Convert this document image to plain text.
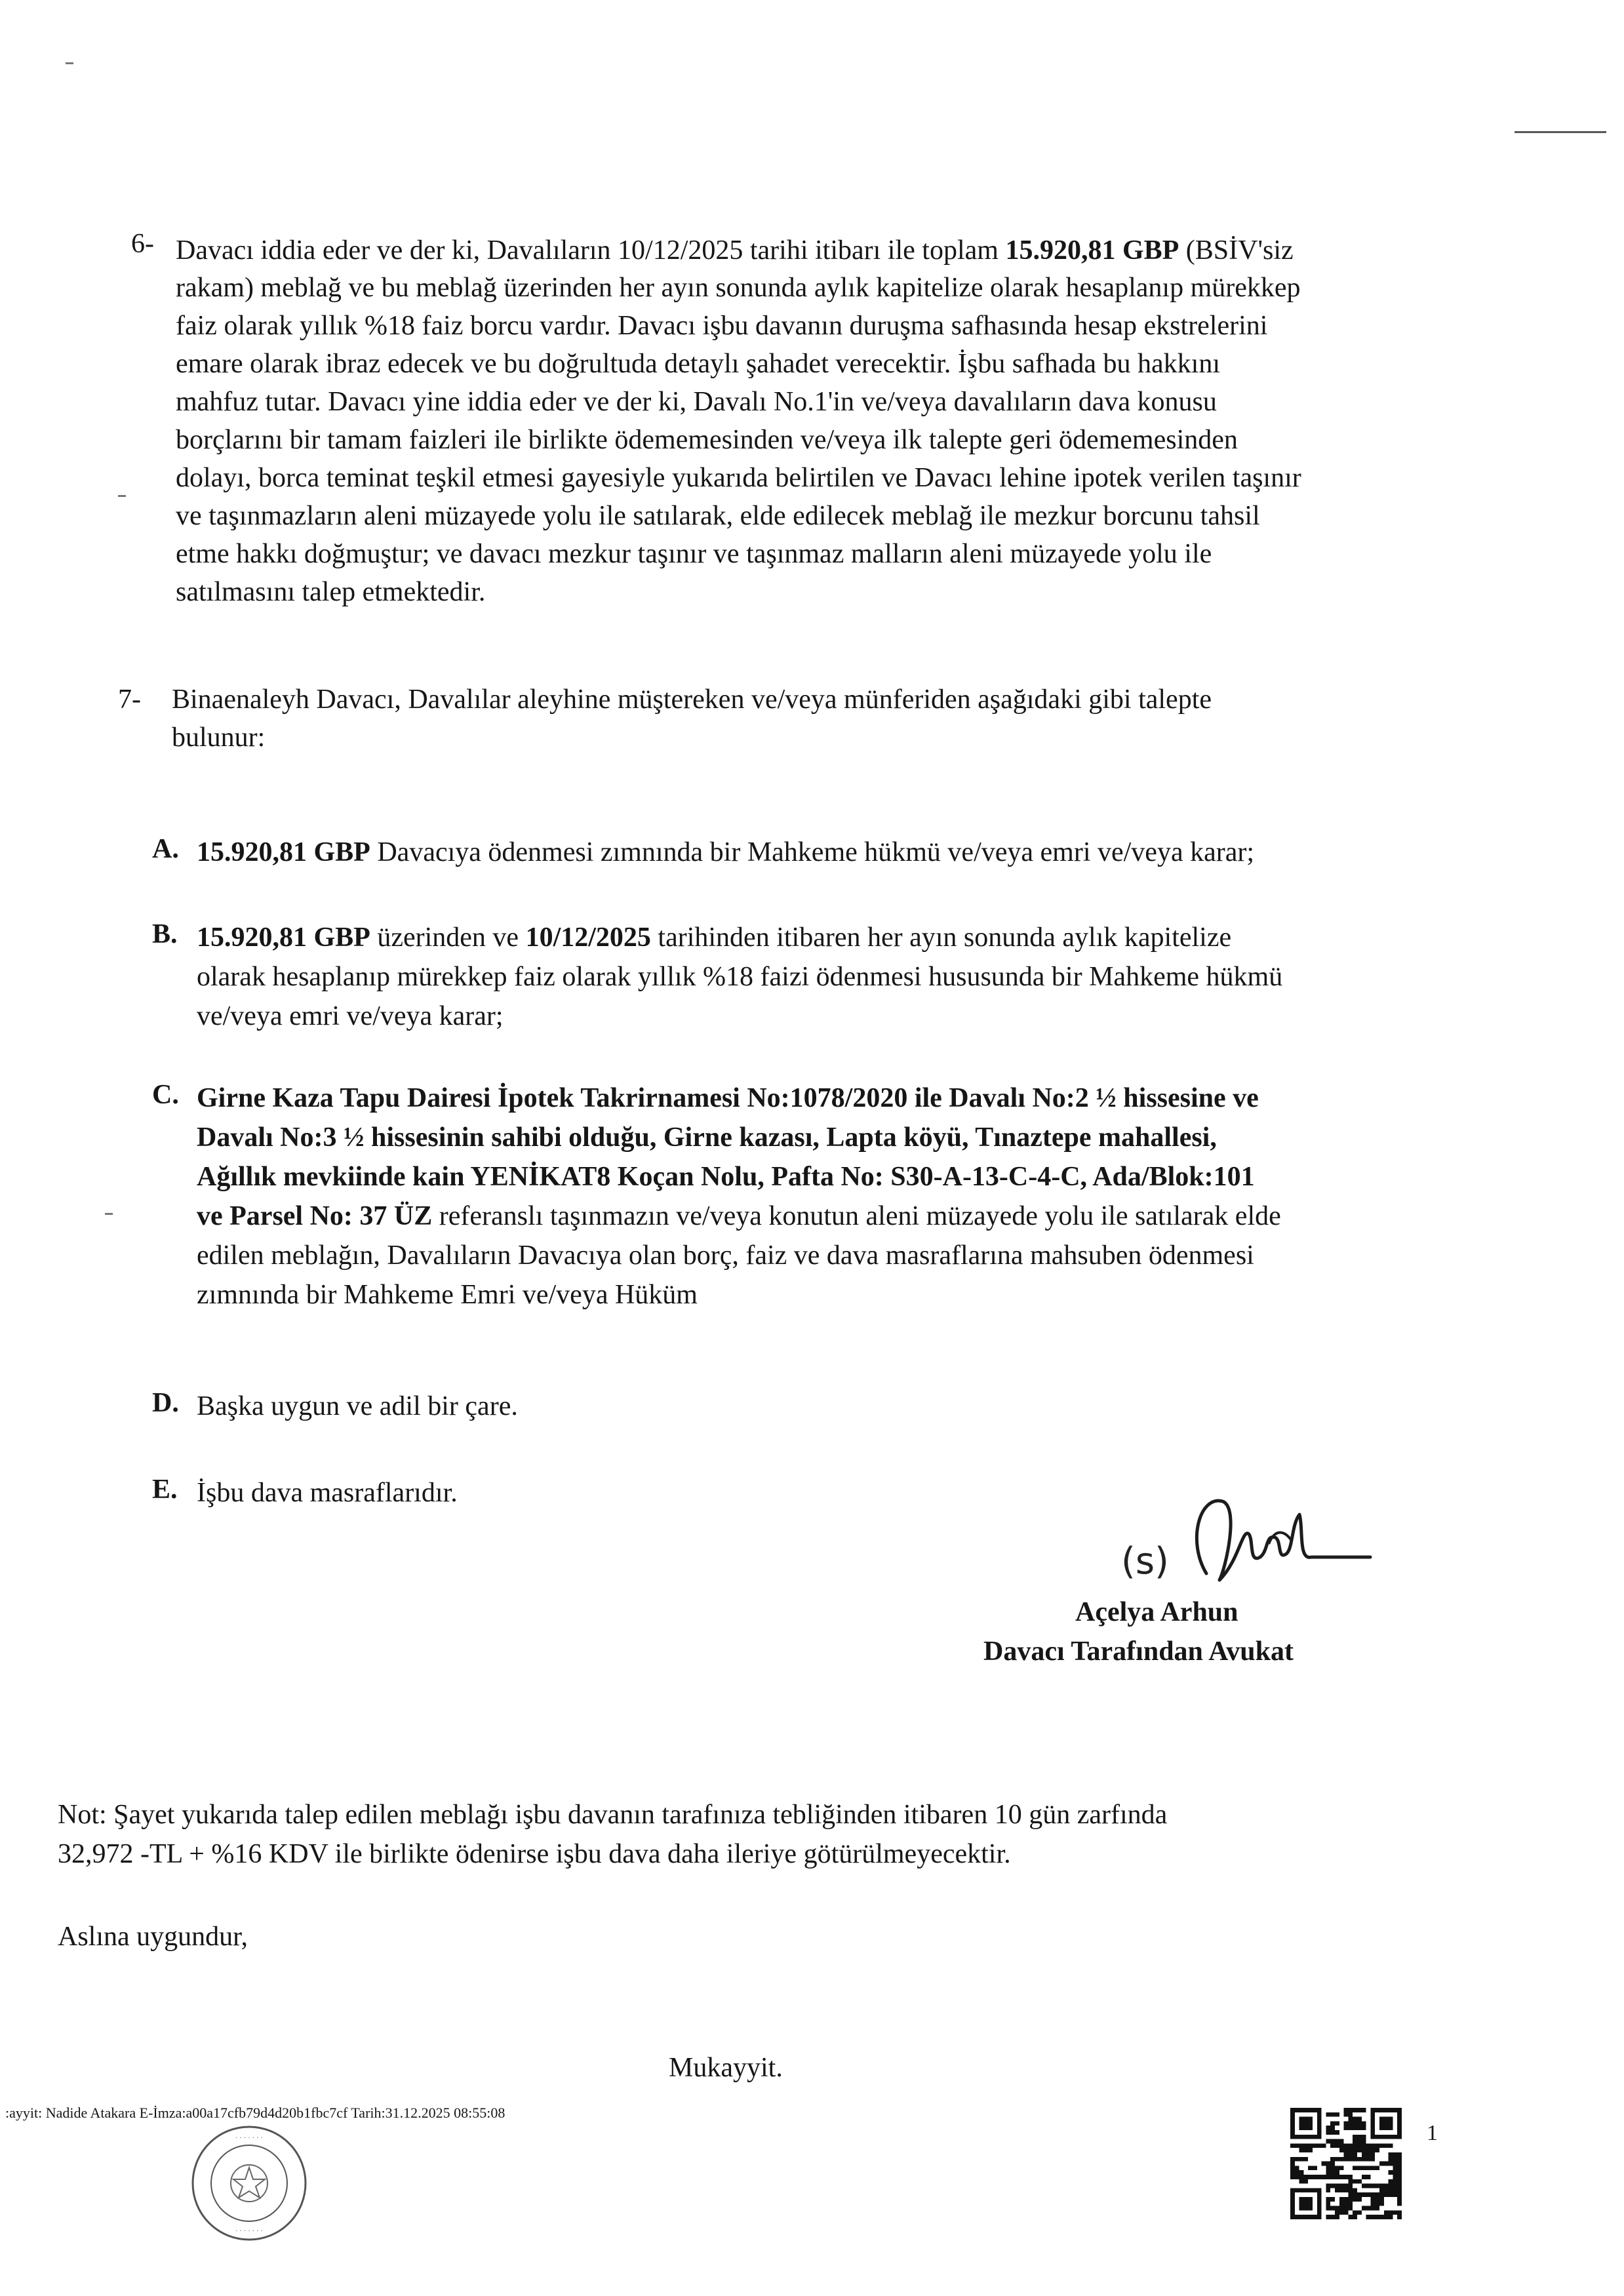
6- Davacı iddia eder ve der ki, Davalıların 10/12/2025 tarihi itibarı ile toplam 15.920,81 GBP (BSİV'siz
rakam) meblağ ve bu meblağ üzerinden her ayın sonunda aylık kapitelize olarak hesaplanıp mürekkep
faiz olarak yıllık %18 faiz borcu vardır. Davacı işbu davanın duruşma safhasında hesap ekstrelerini
emare olarak ibraz edecek ve bu doğrultuda detaylı şahadet verecektir. İşbu safhada bu hakkını
mahfuz tutar. Davacı yine iddia eder ve der ki, Davalı No.1'in ve/veya davalıların dava konusu
borçlarını bir tamam faizleri ile birlikte ödememesinden ve/veya ilk talepte geri ödememesinden
dolayı, borca teminat teşkil etmesi gayesiyle yukarıda belirtilen ve Davacı lehine ipotek verilen taşınır
ve taşınmazların aleni müzayede yolu ile satılarak, elde edilecek meblağ ile mezkur borcunu tahsil
etme hakkı doğmuştur; ve davacı mezkur taşınır ve taşınmaz malların aleni müzayede yolu ile
satılmasını talep etmektedir.
7- Binaenaleyh Davacı, Davalılar aleyhine müştereken ve/veya münferiden aşağıdaki gibi talepte
bulunur:
A. 15.920,81 GBP Davacıya ödenmesi zımnında bir Mahkeme hükmü ve/veya emri ve/veya karar;
B. 15.920,81 GBP üzerinden ve 10/12/2025 tarihinden itibaren her ayın sonunda aylık kapitelize
olarak hesaplanıp mürekkep faiz olarak yıllık %18 faizi ödenmesi hususunda bir Mahkeme hükmü
ve/veya emri ve/veya karar;
C. Girne Kaza Tapu Dairesi İpotek Takrirnamesi No:1078/2020 ile Davalı No:2 ½ hissesine ve
Davalı No:3 ½ hissesinin sahibi olduğu, Girne kazası, Lapta köyü, Tınaztepe mahallesi,
Ağıllık mevkiinde kain YENİKAT8 Koçan Nolu, Pafta No: S30-A-13-C-4-C, Ada/Blok:101
ve Parsel No: 37 ÜZ referanslı taşınmazın ve/veya konutun aleni müzayede yolu ile satılarak elde
edilen meblağın, Davalıların Davacıya olan borç, faiz ve dava masraflarına mahsuben ödenmesi
zımnında bir Mahkeme Emri ve/veya Hüküm
D. Başka uygun ve adil bir çare.
E. İşbu dava masraflarıdır.
(s)
Açelya Arhun
Davacı Tarafından Avukat
Not: Şayet yukarıda talep edilen meblağı işbu davanın tarafınıza tebliğinden itibaren 10 gün zarfında
32,972 -TL + %16 KDV ile birlikte ödenirse işbu dava daha ileriye götürülmeyecektir.
Aslına uygundur,
Mukayyit.
:ayyit: Nadide Atakara E-İmza:a00a17cfb79d4d20b1fbc7cf Tarih:31.12.2025 08:55:08
· · · · · · ·
· · · · · · ·
1
